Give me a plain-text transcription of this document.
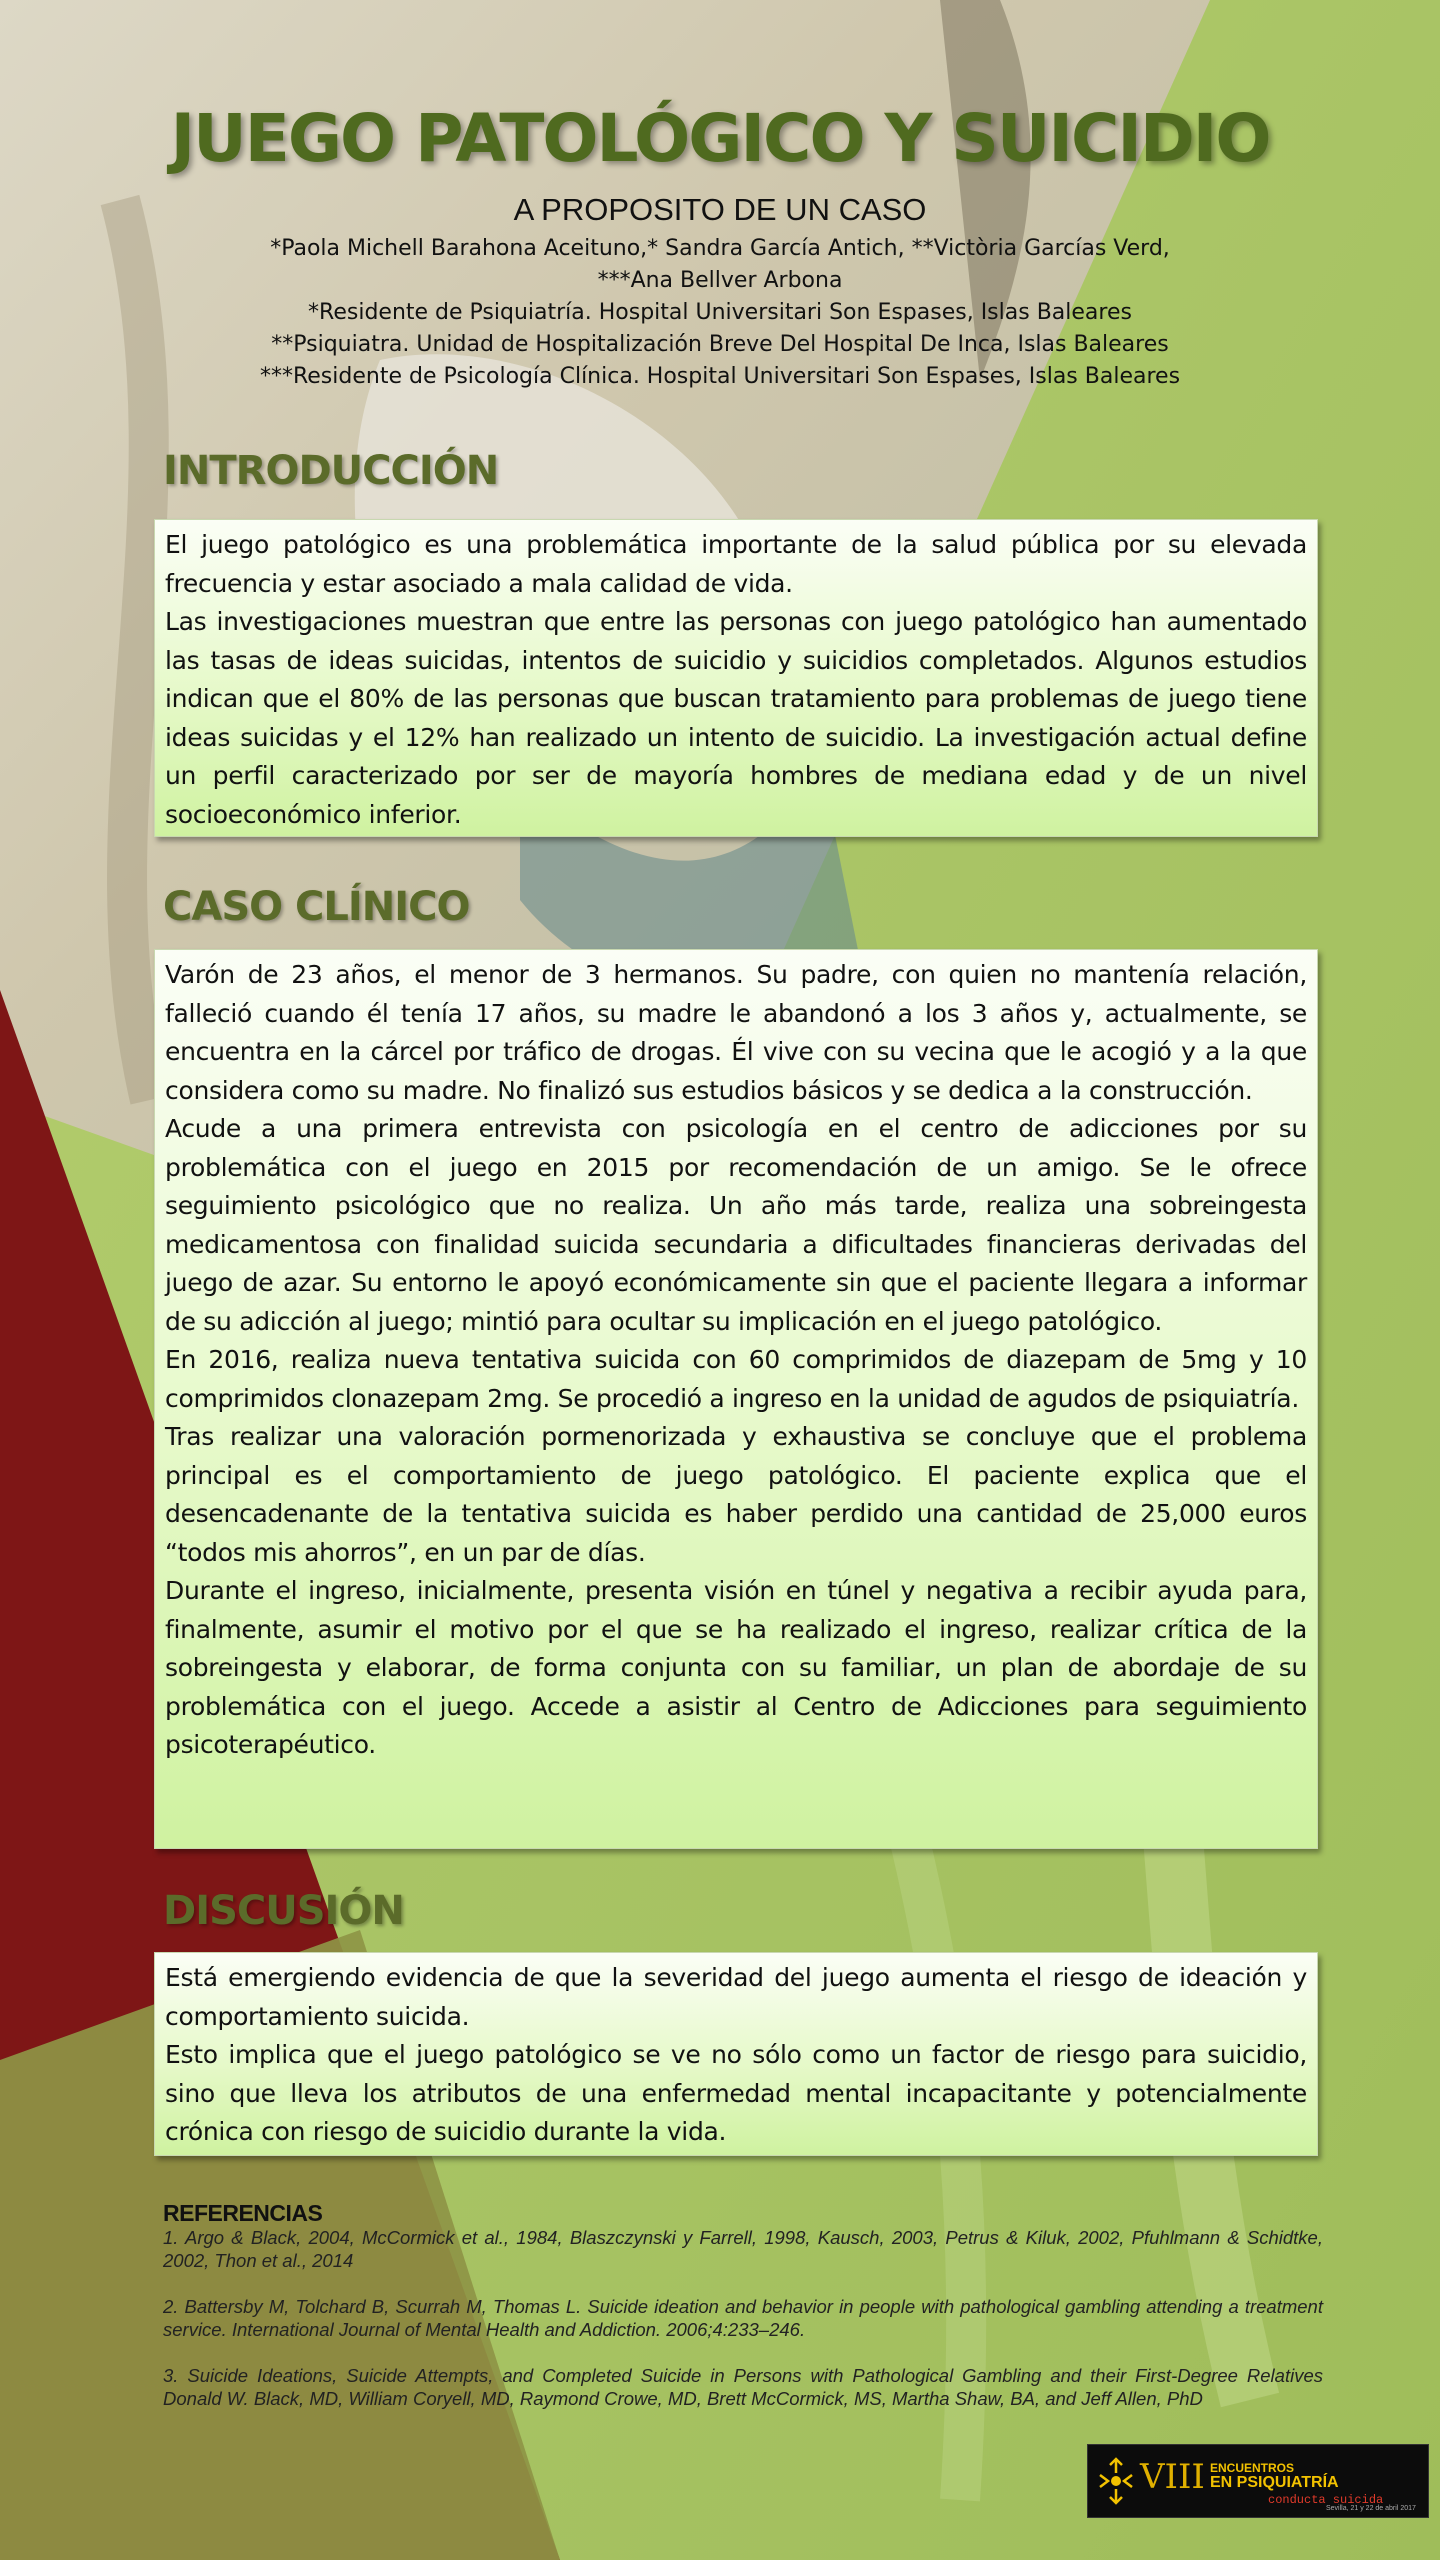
JUEGO PATOLÓGICO Y SUICIDIO
A PROPOSITO DE UN CASO
*Paola Michell Barahona Aceituno,* Sandra García Antich, **Victòria Garcías Verd,
***Ana Bellver Arbona
*Residente de Psiquiatría. Hospital Universitari Son Espases, Islas Baleares
**Psiquiatra. Unidad de Hospitalización Breve Del Hospital De Inca, Islas Baleares
***Residente de Psicología Clínica. Hospital Universitari Son Espases, Islas Baleares
INTRODUCCIÓN

El juego patológico es una problemática importante de la salud pública por su elevada frecuencia y estar asociado a mala calidad de vida.

Las investigaciones muestran que entre las personas con juego patológico han aumentado las tasas de ideas suicidas, intentos de suicidio y suicidios completados. Algunos estudios indican que el 80% de las personas que buscan tratamiento para problemas de juego tiene ideas suicidas y el 12% han realizado un intento de suicidio. La investigación actual define un perfil caracterizado por ser de mayoría hombres de mediana edad y de un nivel socioeconómico inferior.

CASO CLÍNICO

Varón de 23 años, el menor de 3 hermanos. Su padre, con quien no mantenía relación, falleció cuando él tenía 17 años, su madre le abandonó a los 3 años y, actualmente, se encuentra en la cárcel por tráfico de drogas. Él vive con su vecina que le acogió y a la que considera como su madre. No finalizó sus estudios básicos y se dedica a la construcción.

Acude a una primera entrevista con psicología en el centro de adicciones por su problemática con el juego en 2015 por recomendación de un amigo. Se le ofrece seguimiento psicológico que no realiza. Un año más tarde, realiza una sobreingesta medicamentosa con finalidad suicida secundaria a dificultades financieras derivadas del juego de azar. Su entorno le apoyó económicamente sin que el paciente llegara a informar de su adicción al juego; mintió para ocultar su implicación en el juego patológico.

En 2016, realiza nueva tentativa suicida con 60 comprimidos de diazepam de 5mg y 10 comprimidos clonazepam 2mg. Se procedió a ingreso en la unidad de agudos de psiquiatría.

Tras realizar una valoración pormenorizada y exhaustiva se concluye que el problema principal es el comportamiento de juego patológico. El paciente explica que el desencadenante de la tentativa suicida es haber perdido una cantidad de 25,000 euros “todos mis ahorros”, en un par de días.

Durante el ingreso, inicialmente, presenta visión en túnel y negativa a recibir ayuda para, finalmente, asumir el motivo por el que se ha realizado el ingreso, realizar crítica de la sobreingesta y elaborar, de forma conjunta con su familiar, un plan de abordaje de su problemática con el juego. Accede a asistir al Centro de Adicciones para seguimiento psicoterapéutico.

DISCUSIÓN

Está emergiendo evidencia de que la severidad del juego aumenta el riesgo de ideación y comportamiento suicida.

Esto implica que el juego patológico se ve no sólo como un factor de riesgo para suicidio, sino que lleva los atributos de una enfermedad mental incapacitante y potencialmente crónica con riesgo de suicidio durante la vida.

REFERENCIAS

1. Argo & Black, 2004, McCormick et al., 1984, Blaszczynski y Farrell, 1998, Kausch, 2003, Petrus & Kiluk, 2002, Pfuhlmann & Schidtke, 2002, Thon et al., 2014

2. Battersby M, Tolchard B, Scurrah M, Thomas L. Suicide ideation and behavior in people with pathological gambling attending a treatment service. International Journal of Mental Health and Addiction. 2006;4:233–246.

3. Suicide Ideations, Suicide Attempts, and Completed Suicide in Persons with Pathological Gambling and their First-Degree Relatives Donald W. Black, MD, William Coryell, MD, Raymond Crowe, MD, Brett McCormick, MS, Martha Shaw, BA, and Jeff Allen, PhD

VIII ENCUENTROS
EN PSIQUIATRÍA
conducta suicida
Sevilla, 21 y 22 de abril 2017
